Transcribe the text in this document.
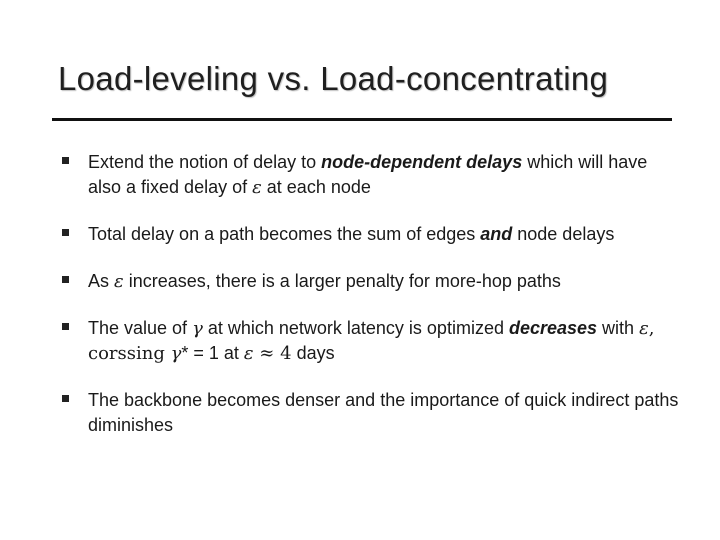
Load-leveling vs. Load-concentrating
Extend the notion of delay to node-dependent delays which will have also a fixed delay of ε at each node
Total delay on a path becomes the sum of edges and node delays
As ε increases, there is a larger penalty for more-hop paths
The value of γ at which network latency is optimized decreases with ε, corssing γ* = 1 at ε ≈ 4 days
The backbone becomes denser and the importance of quick indirect paths diminishes
